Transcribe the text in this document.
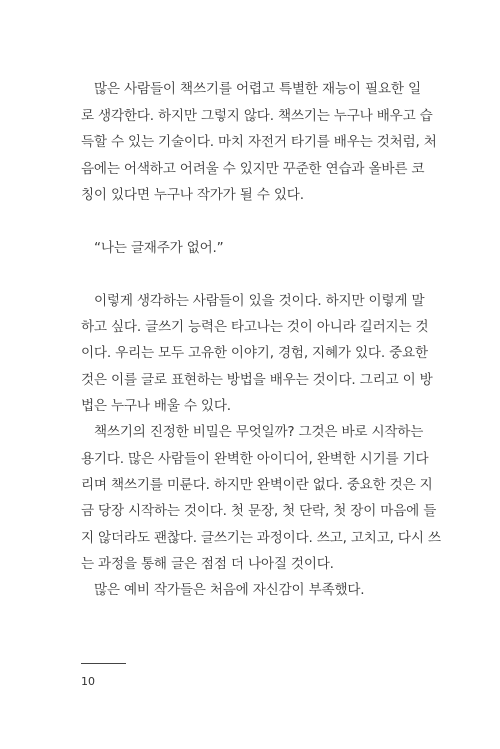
많은 사람들이 책쓰기를 어렵고 특별한 재능이 필요한 일
로 생각한다. 하지만 그렇지 않다. 책쓰기는 누구나 배우고 습
득할 수 있는 기술이다. 마치 자전거 타기를 배우는 것처럼, 처
음에는 어색하고 어려울 수 있지만 꾸준한 연습과 올바른 코
칭이 있다면 누구나 작가가 될 수 있다.
“나는 글재주가 없어.”
이렇게 생각하는 사람들이 있을 것이다. 하지만 이렇게 말
하고 싶다. 글쓰기 능력은 타고나는 것이 아니라 길러지는 것
이다. 우리는 모두 고유한 이야기, 경험, 지혜가 있다. 중요한
것은 이를 글로 표현하는 방법을 배우는 것이다. 그리고 이 방
법은 누구나 배울 수 있다.
책쓰기의 진정한 비밀은 무엇일까? 그것은 바로 시작하는
용기다. 많은 사람들이 완벽한 아이디어, 완벽한 시기를 기다
리며 책쓰기를 미룬다. 하지만 완벽이란 없다. 중요한 것은 지
금 당장 시작하는 것이다. 첫 문장, 첫 단락, 첫 장이 마음에 들
지 않더라도 괜찮다. 글쓰기는 과정이다. 쓰고, 고치고, 다시 쓰
는 과정을 통해 글은 점점 더 나아질 것이다.
많은 예비 작가들은 처음에 자신감이 부족했다.
10
